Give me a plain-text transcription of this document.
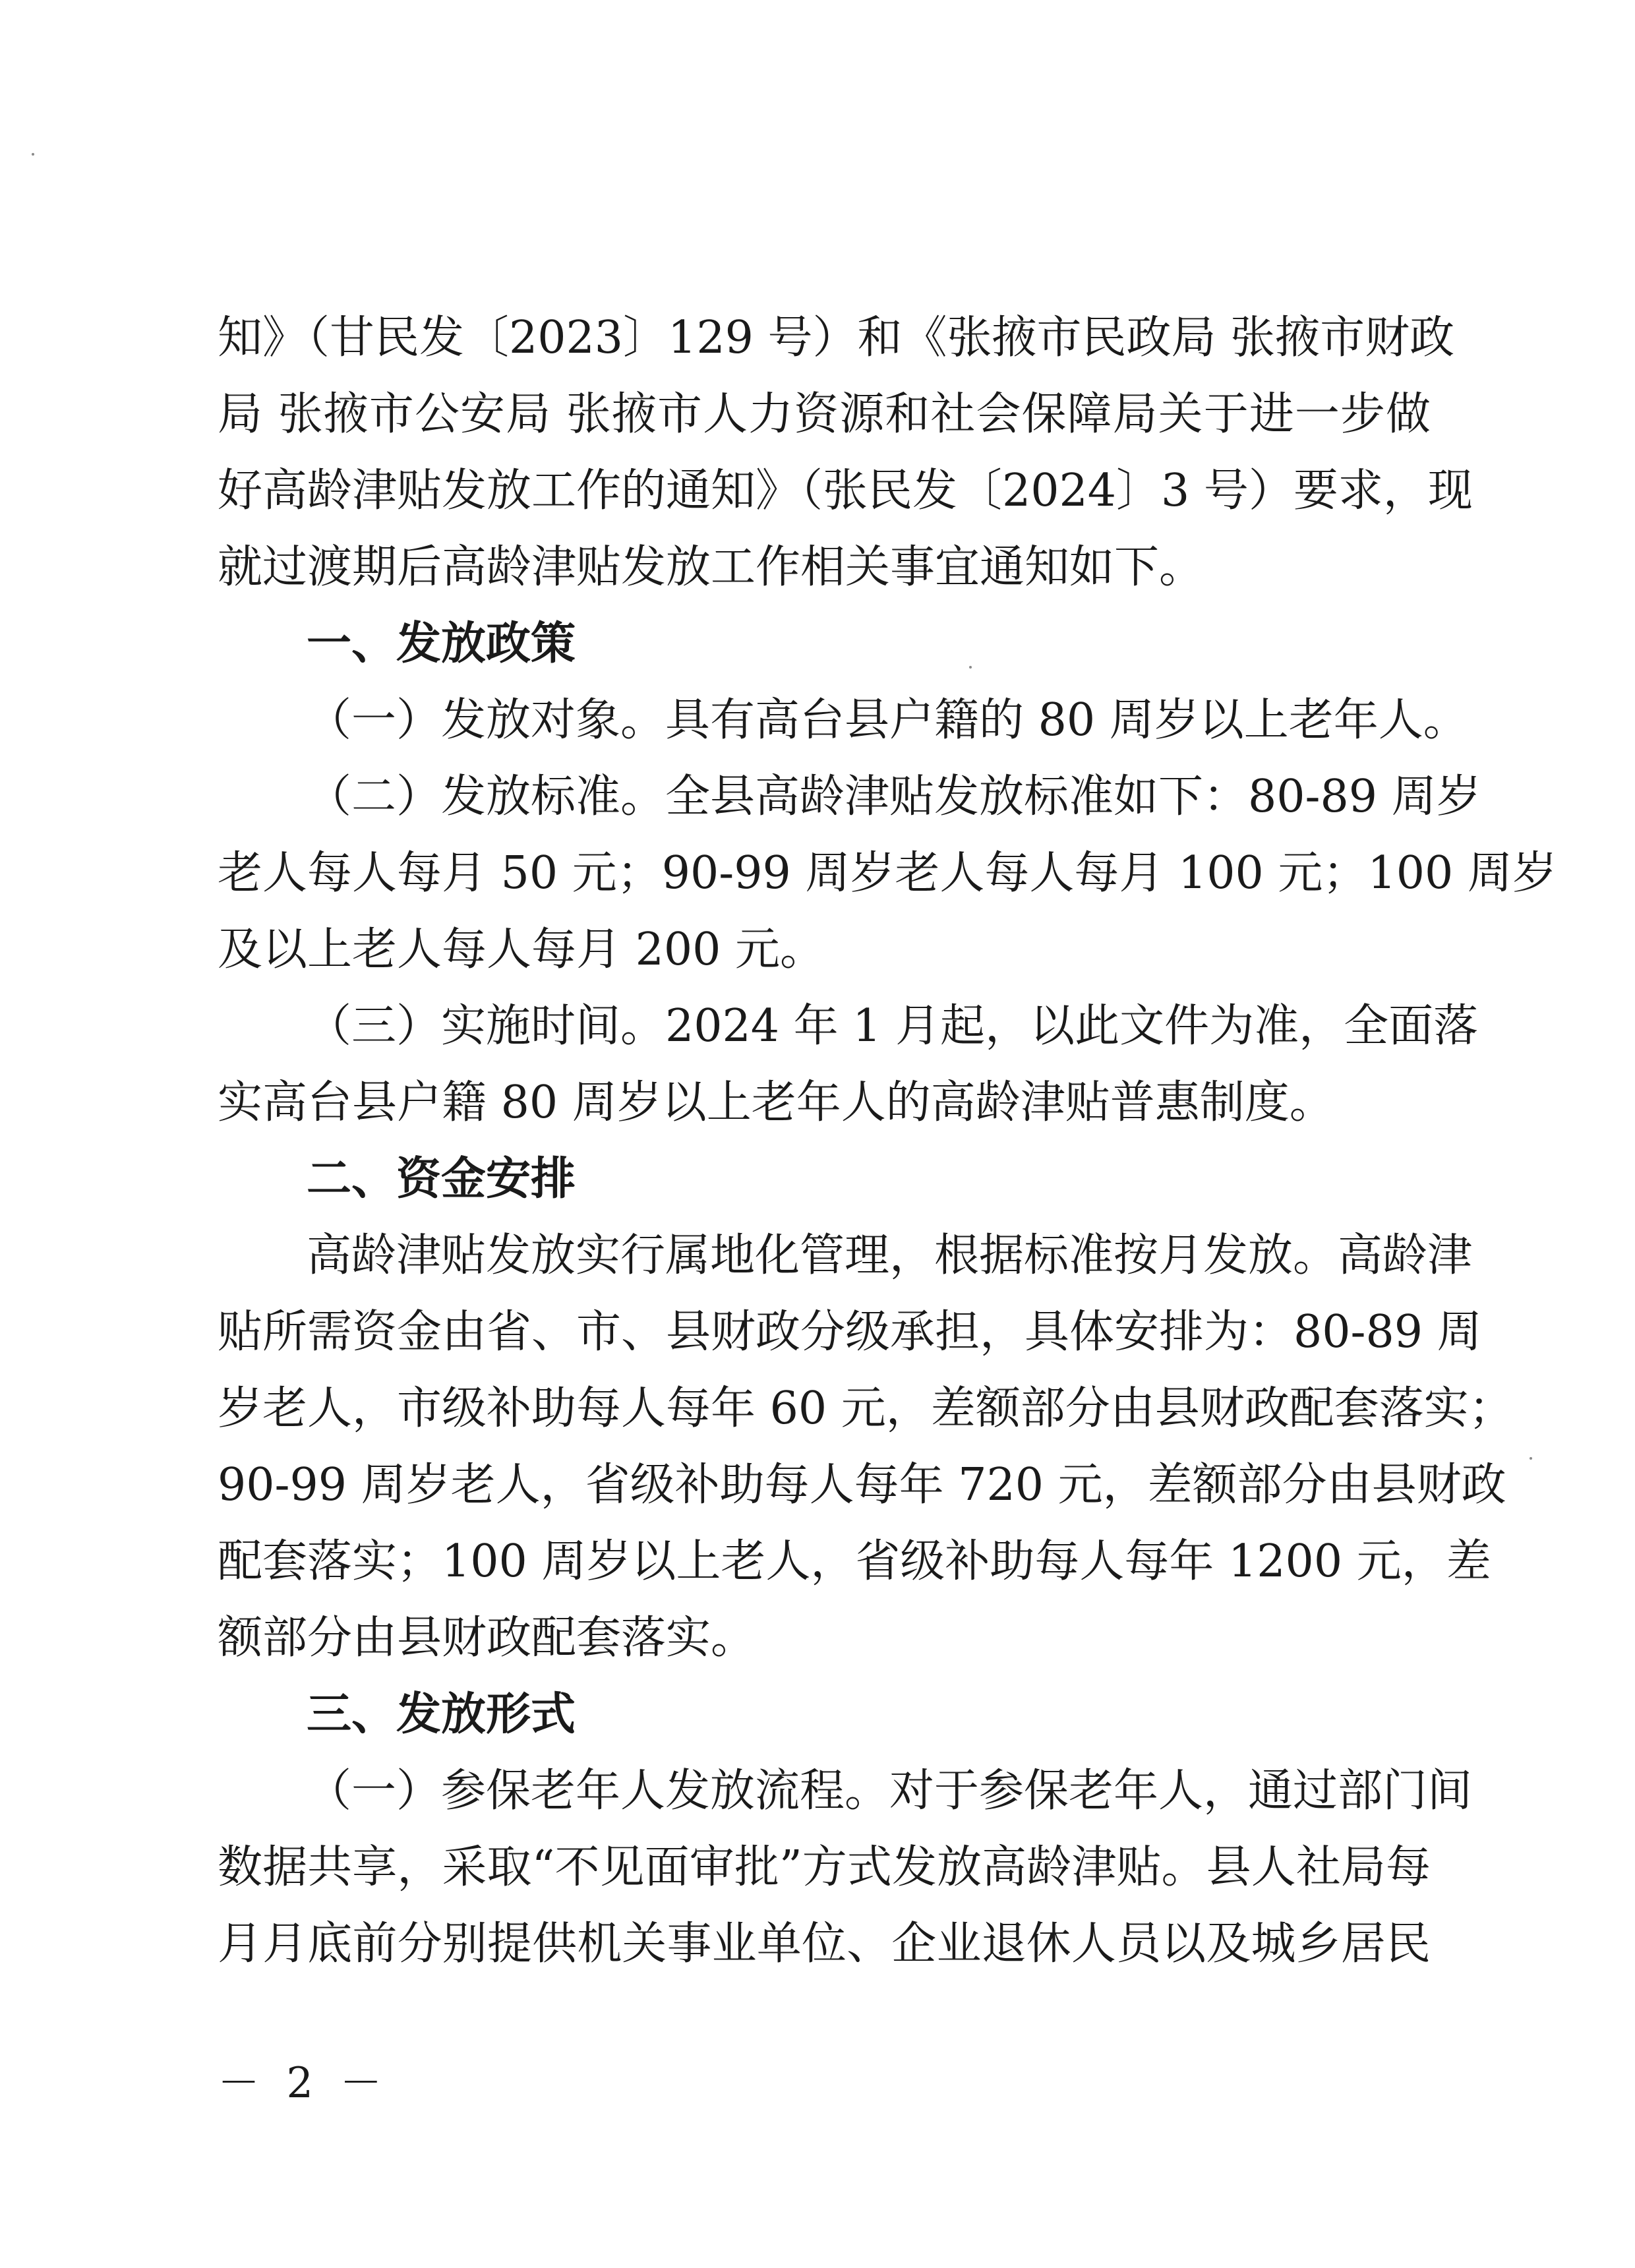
知》（甘民发〔2023〕129 号）和《张掖市民政局 张掖市财政
局 张掖市公安局 张掖市人力资源和社会保障局关于进一步做
好高龄津贴发放工作的通知》（张民发〔2024〕3 号）要求，现
就过渡期后高龄津贴发放工作相关事宜通知如下。
一、发放政策
（一）发放对象。具有高台县户籍的 80 周岁以上老年人。
（二）发放标准。全县高龄津贴发放标准如下：80-89 周岁
老人每人每月 50 元；90-99 周岁老人每人每月 100 元；100 周岁
及以上老人每人每月 200 元。
（三）实施时间。2024 年 1 月起，以此文件为准，全面落
实高台县户籍 80 周岁以上老年人的高龄津贴普惠制度。
二、资金安排
高龄津贴发放实行属地化管理，根据标准按月发放。高龄津
贴所需资金由省、市、县财政分级承担，具体安排为：80-89 周
岁老人，市级补助每人每年 60 元，差额部分由县财政配套落实；
90-99 周岁老人，省级补助每人每年 720 元，差额部分由县财政
配套落实；100 周岁以上老人，省级补助每人每年 1200 元，差
额部分由县财政配套落实。
三、发放形式
（一）参保老年人发放流程。对于参保老年人，通过部门间
数据共享，采取“不见面审批”方式发放高龄津贴。县人社局每
月月底前分别提供机关事业单位、企业退休人员以及城乡居民
－ 2 －
